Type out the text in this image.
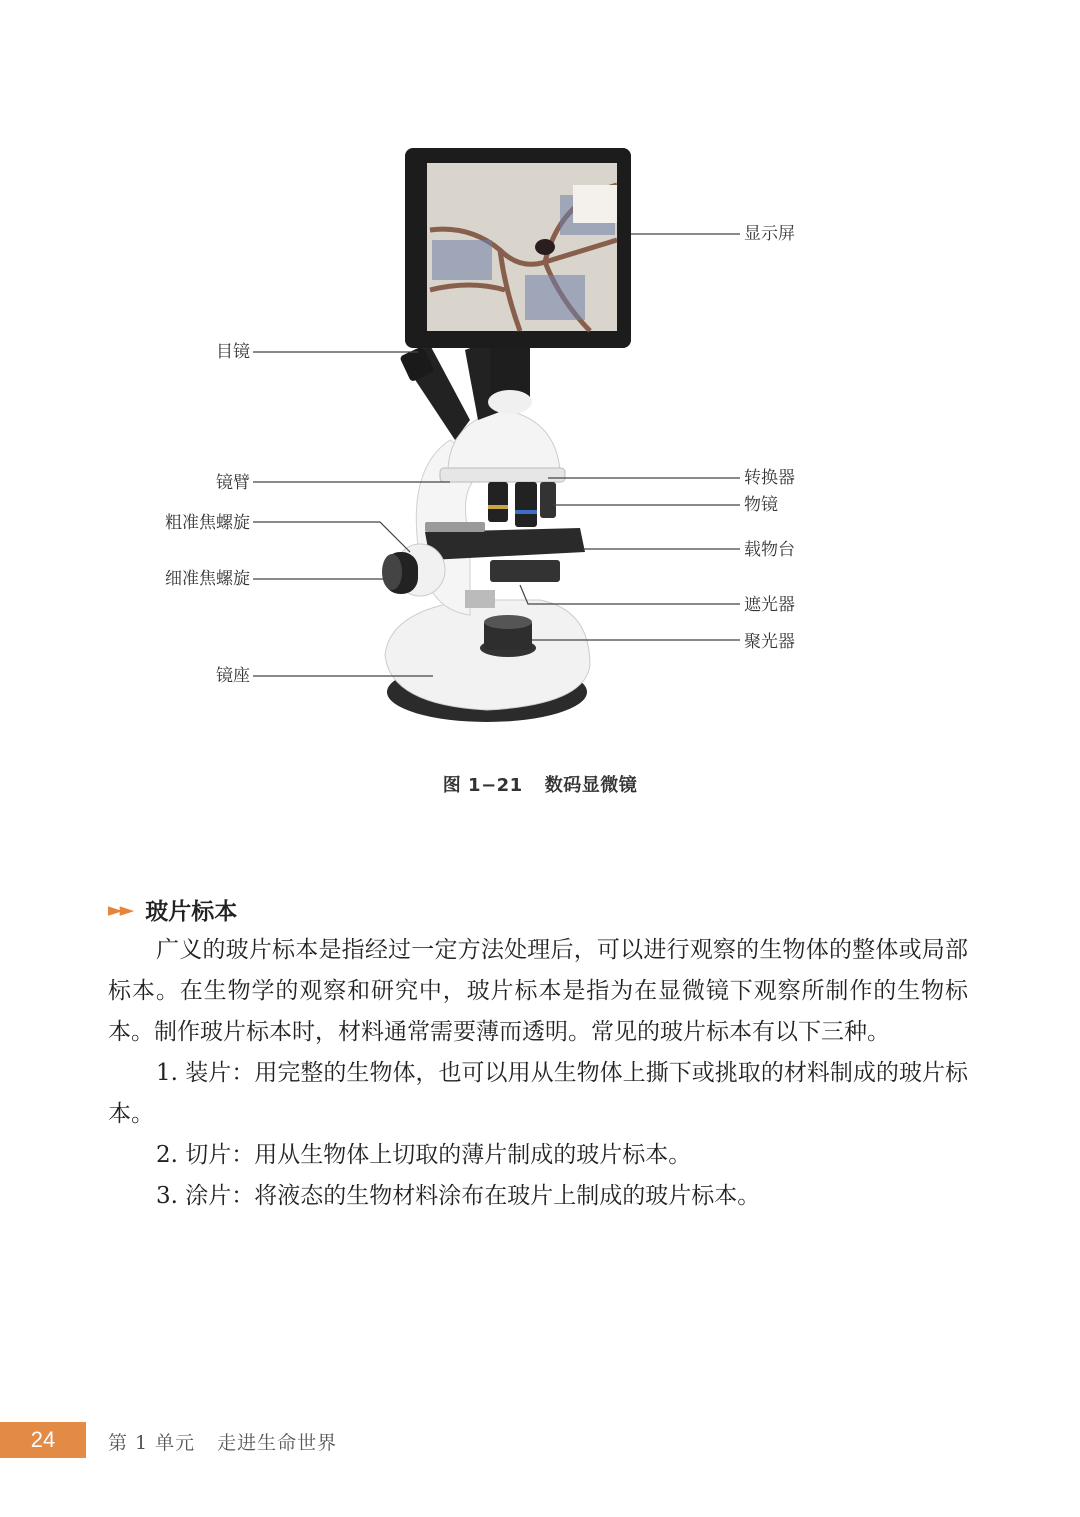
显示屏
目镜
镜臂
粗准焦螺旋
细准焦螺旋
镜座
转换器
物镜
载物台
遮光器
聚光器
图 1−21 数码显微镜
►► 玻片标本

广义的玻片标本是指经过一定方法处理后，可以进行观察的生物体的整体或局部标本。在生物学的观察和研究中，玻片标本是指为在显微镜下观察所制作的生物标本。制作玻片标本时，材料通常需要薄而透明。常见的玻片标本有以下三种。

1. 装片：用完整的生物体，也可以用从生物体上撕下或挑取的材料制成的玻片标本。

2. 切片：用从生物体上切取的薄片制成的玻片标本。

3. 涂片：将液态的生物材料涂布在玻片上制成的玻片标本。

24	第 1 单元 走进生命世界
